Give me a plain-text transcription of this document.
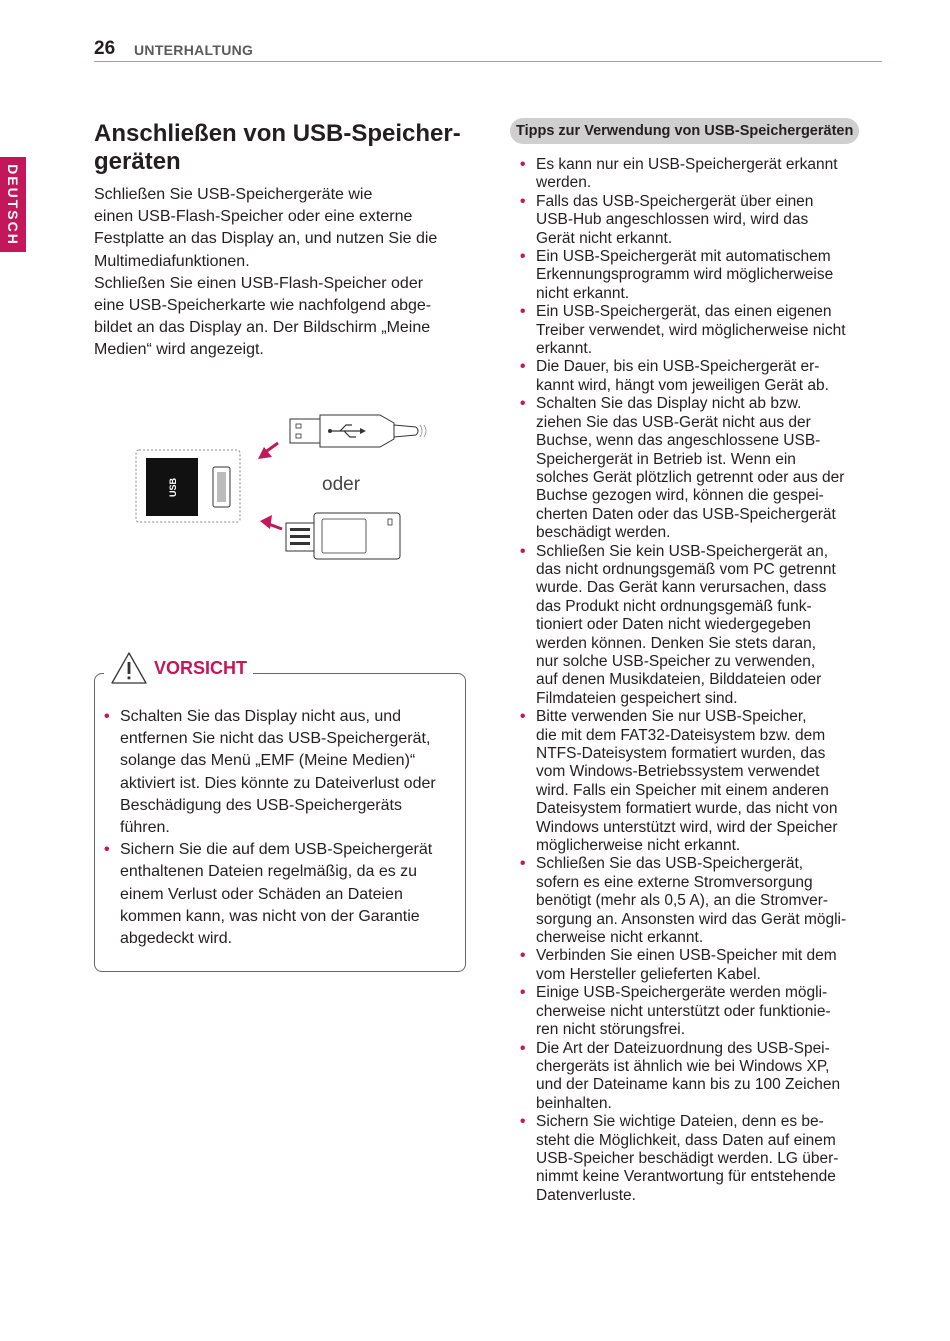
26 UNTERHALTUNG
DEUTSCH
Anschließen von USB-Speicher-
geräten

Schließen Sie USB-Speichergeräte wie
einen USB-Flash-Speicher oder eine externe
Festplatte an das Display an, und nutzen Sie die
Multimediafunktionen.
Schließen Sie einen USB-Flash-Speicher oder
eine USB-Speicherkarte wie nachfolgend abge-
bildet an das Display an. Der Bildschirm „Meine
Medien“ wird angezeigt.

USB	oder
VORSICHT
• Schalten Sie das Display nicht aus, und
entfernen Sie nicht das USB-Speichergerät,
solange das Menü „EMF (Meine Medien)“
aktiviert ist. Dies könnte zu Dateiverlust oder
Beschädigung des USB-Speichergeräts
führen.
• Sichern Sie die auf dem USB-Speichergerät
enthaltenen Dateien regelmäßig, da es zu
einem Verlust oder Schäden an Dateien
kommen kann, was nicht von der Garantie
abgedeckt wird.
Tipps zur Verwendung von USB-Speichergeräten
• Es kann nur ein USB-Speichergerät erkannt
werden.
• Falls das USB-Speichergerät über einen
USB-Hub angeschlossen wird, wird das
Gerät nicht erkannt.
• Ein USB-Speichergerät mit automatischem
Erkennungsprogramm wird möglicherweise
nicht erkannt.
• Ein USB-Speichergerät, das einen eigenen
Treiber verwendet, wird möglicherweise nicht
erkannt.
• Die Dauer, bis ein USB-Speichergerät er-
kannt wird, hängt vom jeweiligen Gerät ab.
• Schalten Sie das Display nicht ab bzw.
ziehen Sie das USB-Gerät nicht aus der
Buchse, wenn das angeschlossene USB-
Speichergerät in Betrieb ist. Wenn ein
solches Gerät plötzlich getrennt oder aus der
Buchse gezogen wird, können die gespei-
cherten Daten oder das USB-Speichergerät
beschädigt werden.
• Schließen Sie kein USB-Speichergerät an,
das nicht ordnungsgemäß vom PC getrennt
wurde. Das Gerät kann verursachen, dass
das Produkt nicht ordnungsgemäß funk-
tioniert oder Daten nicht wiedergegeben
werden können. Denken Sie stets daran,
nur solche USB-Speicher zu verwenden,
auf denen Musikdateien, Bilddateien oder
Filmdateien gespeichert sind.
• Bitte verwenden Sie nur USB-Speicher,
die mit dem FAT32-Dateisystem bzw. dem
NTFS-Dateisystem formatiert wurden, das
vom Windows-Betriebssystem verwendet
wird. Falls ein Speicher mit einem anderen
Dateisystem formatiert wurde, das nicht von
Windows unterstützt wird, wird der Speicher
möglicherweise nicht erkannt.
• Schließen Sie das USB-Speichergerät,
sofern es eine externe Stromversorgung
benötigt (mehr als 0,5 A), an die Stromver-
sorgung an. Ansonsten wird das Gerät mögli-
cherweise nicht erkannt.
• Verbinden Sie einen USB-Speicher mit dem
vom Hersteller gelieferten Kabel.
• Einige USB-Speichergeräte werden mögli-
cherweise nicht unterstützt oder funktionie-
ren nicht störungsfrei.
• Die Art der Dateizuordnung des USB-Spei-
chergeräts ist ähnlich wie bei Windows XP,
und der Dateiname kann bis zu 100 Zeichen
beinhalten.
• Sichern Sie wichtige Dateien, denn es be-
steht die Möglichkeit, dass Daten auf einem
USB-Speicher beschädigt werden. LG über-
nimmt keine Verantwortung für entstehende
Datenverluste.
